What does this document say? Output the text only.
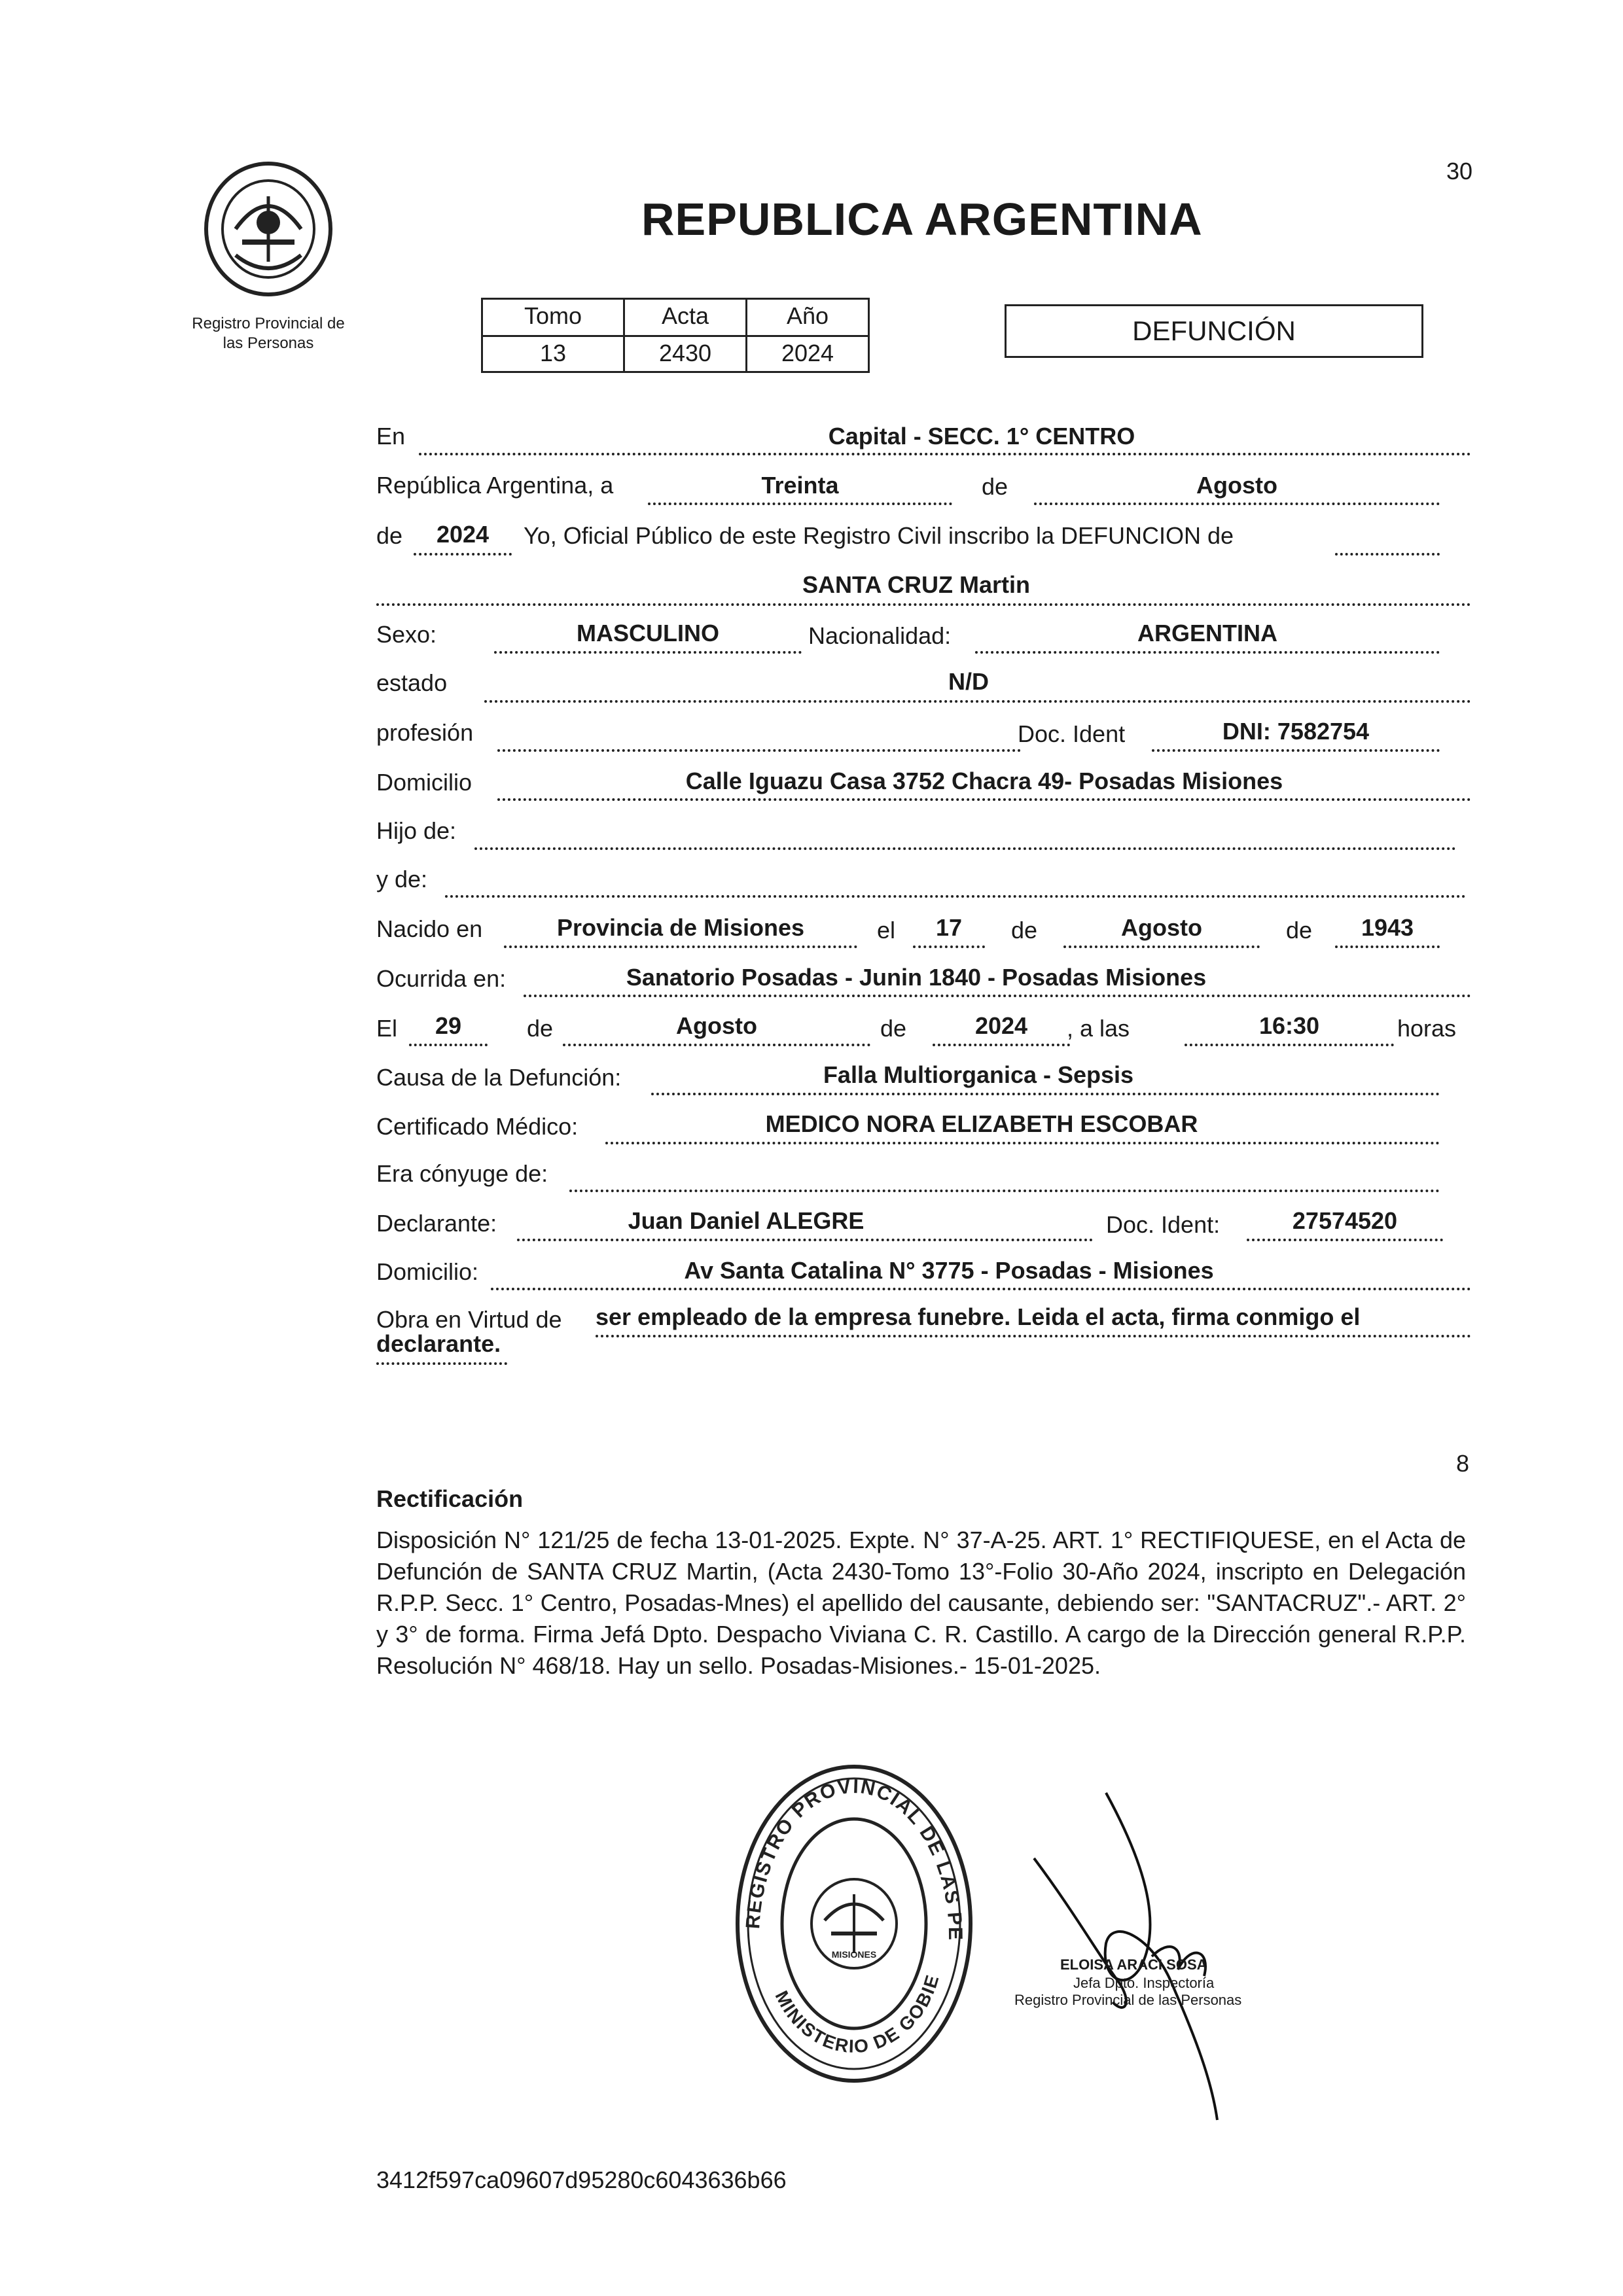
30
Registro Provincial de
las Personas
REPUBLICA ARGENTINA
Tomo	Acta	Año
13	2430	2024
DEFUNCIÓN
En	Capital - SECC. 1° CENTRO
República Argentina, a	Treinta	de	Agosto
de	2024	Yo, Oficial Público de este Registro Civil inscribo la DEFUNCION de
SANTA CRUZ Martin
Sexo:	MASCULINO	Nacionalidad:	ARGENTINA
estado	N/D
profesión	Doc. Ident	DNI: 7582754
Domicilio	Calle Iguazu Casa 3752 Chacra 49- Posadas Misiones
Hijo de:
y de:
Nacido en	Provincia de Misiones	el	17	de	Agosto	de	1943
Ocurrida en:	Sanatorio Posadas - Junin 1840 - Posadas Misiones
El	29	de	Agosto	de	2024	, a las	16:30	horas
Causa de la Defunción:	Falla Multiorganica - Sepsis
Certificado Médico:	MEDICO NORA ELIZABETH ESCOBAR
Era cónyuge de:
Declarante:	Juan Daniel ALEGRE	Doc. Ident:	27574520
Domicilio:	Av Santa Catalina N° 3775 - Posadas - Misiones
Obra en Virtud de ser empleado de la empresa funebre. Leida el acta, firma conmigo el
declarante.
8
Rectificación
Disposición N° 121/25 de fecha 13-01-2025. Expte. N° 37-A-25. ART. 1° RECTIFIQUESE, en el Acta de Defunción de SANTA CRUZ Martin, (Acta 2430-Tomo 13°-Folio 30-Año 2024, inscripto en Delegación R.P.P. Secc. 1° Centro, Posadas-Mnes) el apellido del causante, debiendo ser: "SANTACRUZ".- ART. 2° y 3° de forma. Firma Jefá Dpto. Despacho Viviana C. R. Castillo. A cargo de la Dirección general R.P.P. Resolución N° 468/18. Hay un sello. Posadas-Misiones.- 15-01-2025.
REGISTRO PROVINCIAL DE LAS PE
MINISTERIO DE GOBIE
MISIONES
ELOISA ARACI SOSA
Jefa Dpto. Inspectoría
Registro Provincial de las Personas
3412f597ca09607d95280c6043636b66
